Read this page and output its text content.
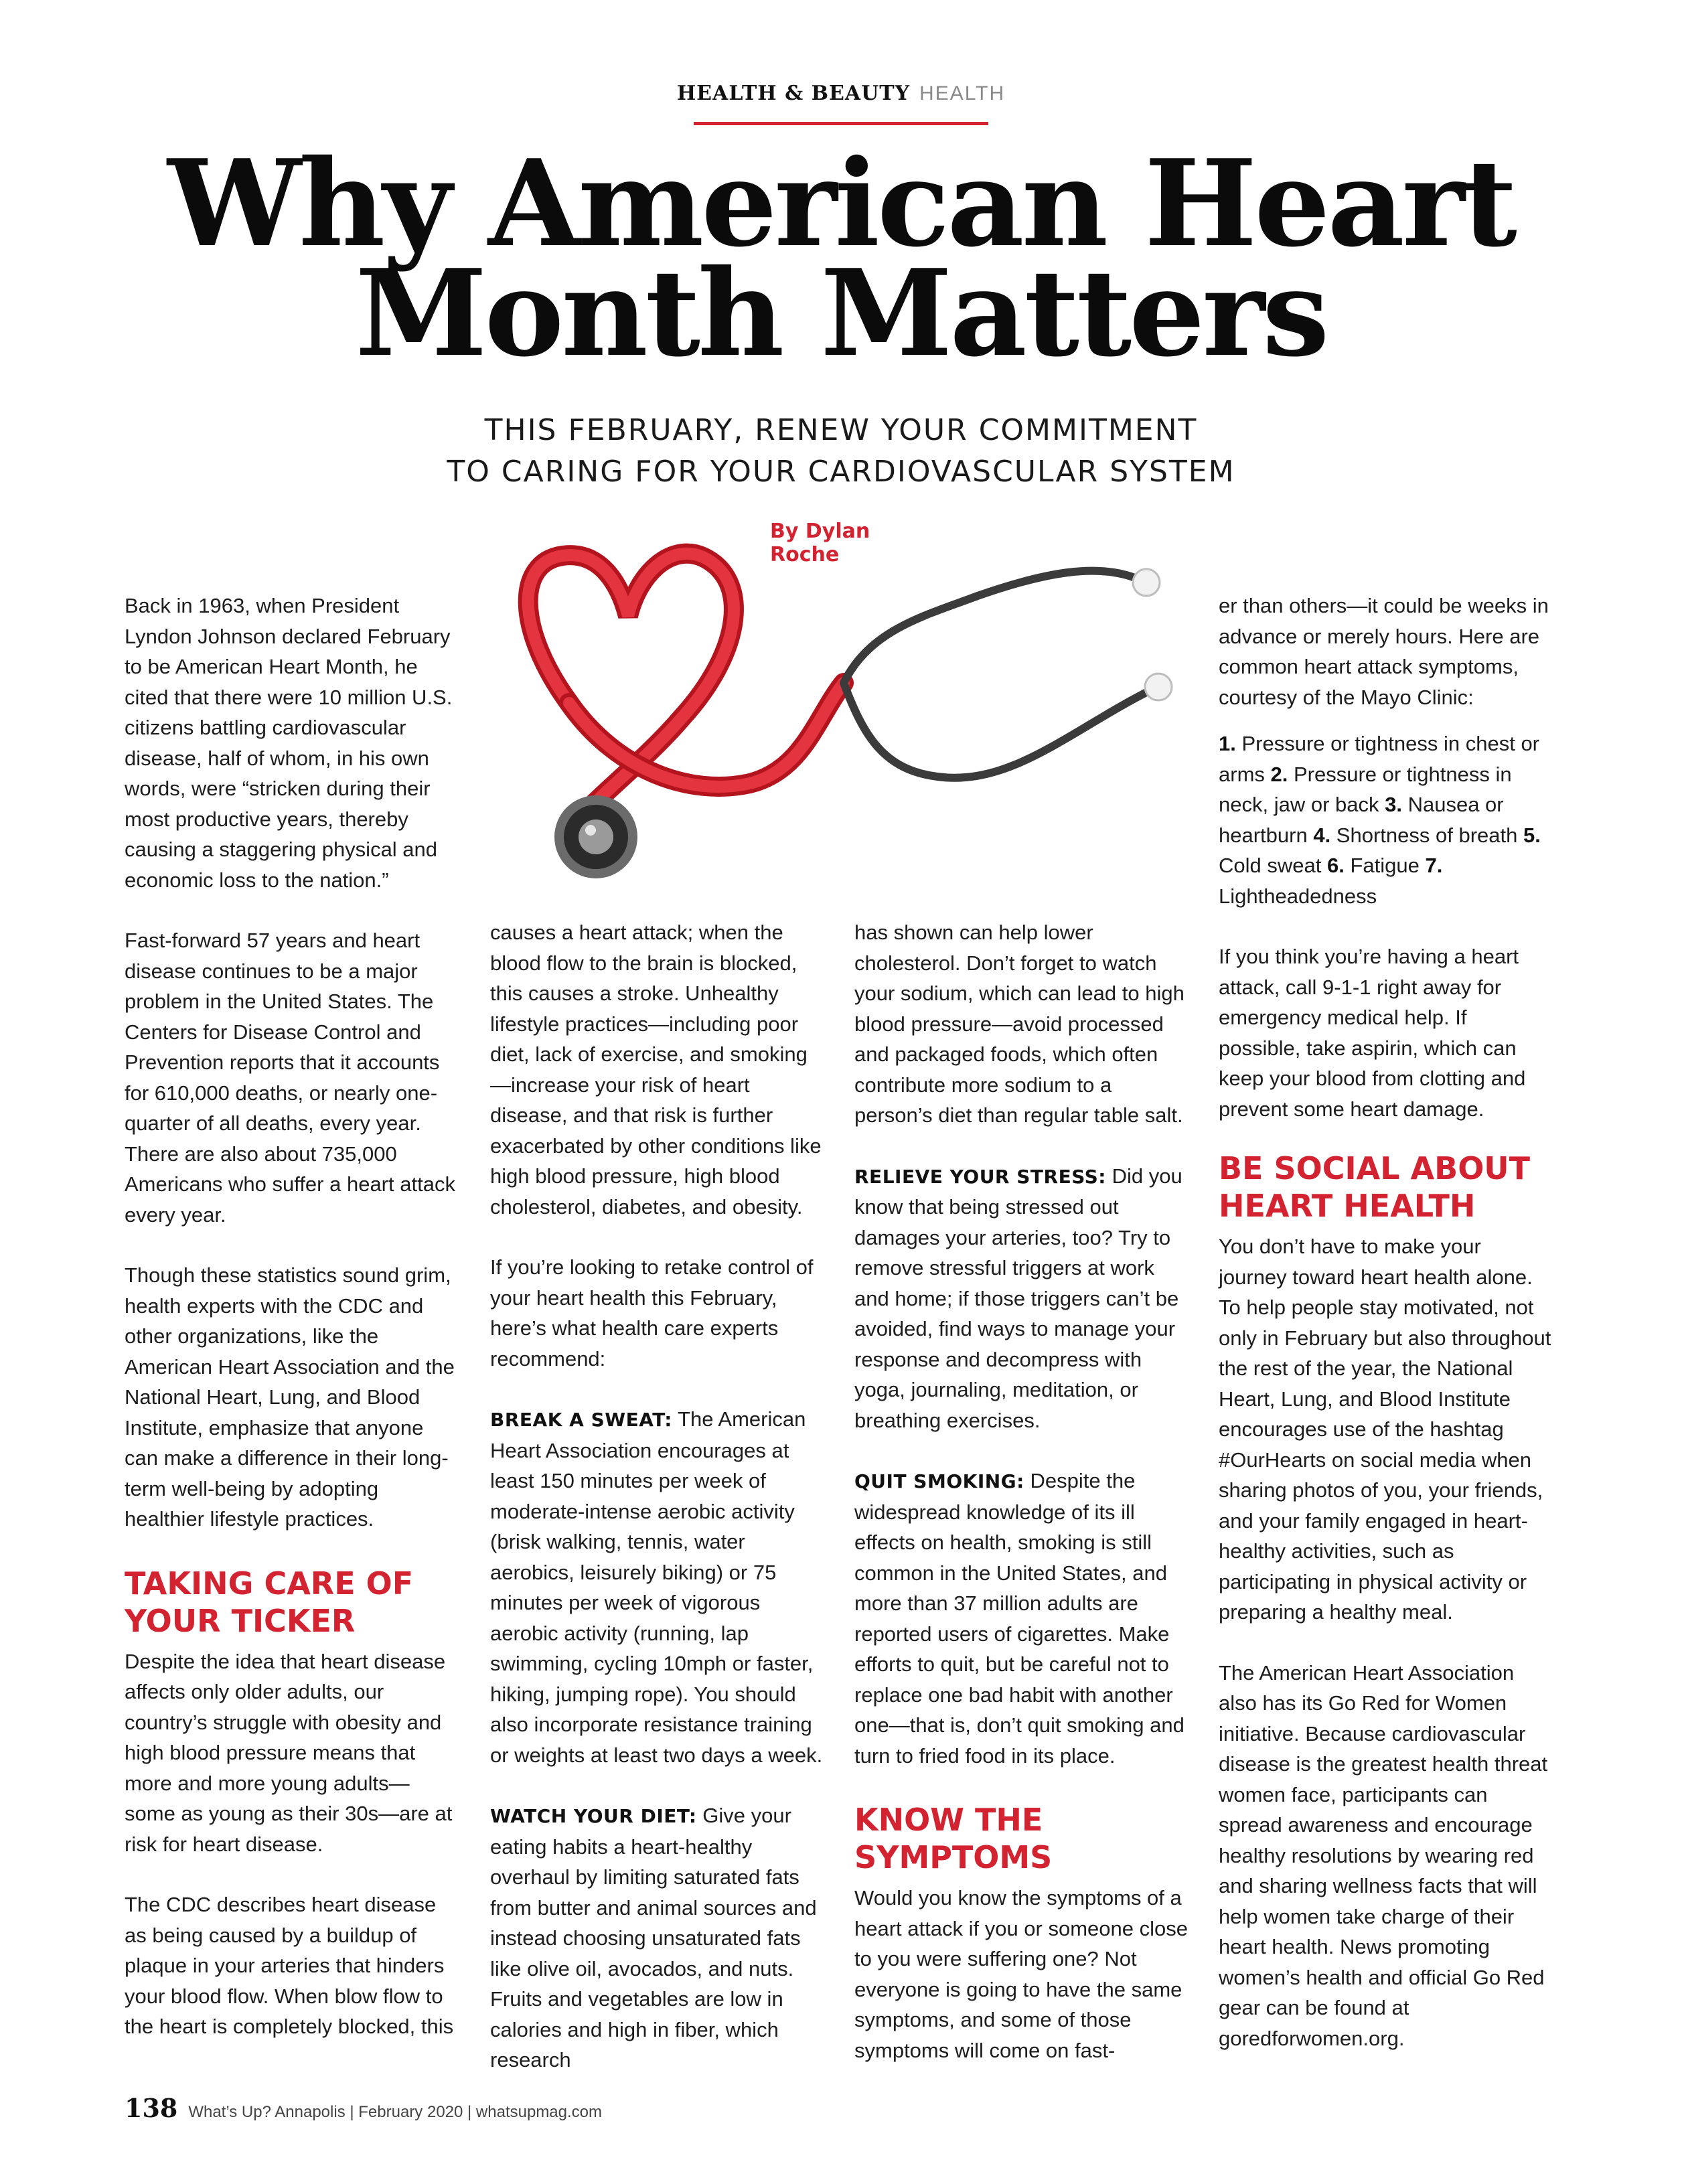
HEALTH & BEAUTY HEALTH
Why American Heart
Month Matters
THIS FEBRUARY, RENEW YOUR COMMITMENT
TO CARING FOR YOUR CARDIOVASCULAR SYSTEM
By Dylan Roche

Back in 1963, when President Lyndon Johnson declared February to be American Heart Month, he cited that there were 10 million U.S. citizens battling cardiovascular disease, half of whom, in his own words, were “stricken during their most productive years, thereby causing a staggering physical and economic loss to the nation.”

Fast-forward 57 years and heart disease continues to be a major problem in the United States. The Centers for Disease Control and Prevention reports that it accounts for 610,000 deaths, or nearly one-quarter of all deaths, every year. There are also about 735,000 Americans who suffer a heart attack every year.

Though these statistics sound grim, health experts with the CDC and other organizations, like the American Heart Association and the National Heart, Lung, and Blood Institute, emphasize that anyone can make a difference in their long-term well-being by adopting healthier lifestyle practices.

TAKING CARE OF YOUR TICKER

Despite the idea that heart disease affects only older adults, our country’s struggle with obesity and high blood pressure means that more and more young adults—some as young as their 30s—are at risk for heart disease.

The CDC describes heart disease as being caused by a buildup of plaque in your arteries that hinders your blood flow. When blow flow to the heart is completely blocked, this

causes a heart attack; when the blood flow to the brain is blocked, this causes a stroke. Unhealthy lifestyle practices—including poor diet, lack of exercise, and smoking—increase your risk of heart disease, and that risk is further exacerbated by other conditions like high blood pressure, high blood cholesterol, diabetes, and obesity.

If you’re looking to retake control of your heart health this February, here’s what health care experts recommend:

BREAK A SWEAT: The American Heart Association encourages at least 150 minutes per week of moderate-intense aerobic activity (brisk walking, tennis, water aerobics, leisurely biking) or 75 minutes per week of vigorous aerobic activity (running, lap swimming, cycling 10mph or faster, hiking, jumping rope). You should also incorporate resistance training or weights at least two days a week.

WATCH YOUR DIET: Give your eating habits a heart-healthy overhaul by limiting saturated fats from butter and animal sources and instead choosing unsaturated fats like olive oil, avocados, and nuts. Fruits and vegetables are low in calories and high in fiber, which research

has shown can help lower cholesterol. Don’t forget to watch your sodium, which can lead to high blood pressure—avoid processed and packaged foods, which often contribute more sodium to a person’s diet than regular table salt.

RELIEVE YOUR STRESS: Did you know that being stressed out damages your arteries, too? Try to remove stressful triggers at work and home; if those triggers can’t be avoided, find ways to manage your response and decompress with yoga, journaling, meditation, or breathing exercises.

QUIT SMOKING: Despite the widespread knowledge of its ill effects on health, smoking is still common in the United States, and more than 37 million adults are reported users of cigarettes. Make efforts to quit, but be careful not to replace one bad habit with another one—that is, don’t quit smoking and turn to fried food in its place.

KNOW THE SYMPTOMS

Would you know the symptoms of a heart attack if you or someone close to you were suffering one? Not everyone is going to have the same symptoms, and some of those symptoms will come on fast-

er than others—it could be weeks in advance or merely hours. Here are common heart attack symptoms, courtesy of the Mayo Clinic:

1. Pressure or tightness in chest or arms 2. Pressure or tightness in neck, jaw or back 3. Nausea or heartburn 4. Shortness of breath 5. Cold sweat 6. Fatigue 7. Lightheadedness

If you think you’re having a heart attack, call 9-1-1 right away for emergency medical help. If possible, take aspirin, which can keep your blood from clotting and prevent some heart damage.

BE SOCIAL ABOUT HEART HEALTH

You don’t have to make your journey toward heart health alone. To help people stay motivated, not only in February but also throughout the rest of the year, the National Heart, Lung, and Blood Institute encourages use of the hashtag #OurHearts on social media when sharing photos of you, your friends, and your family engaged in heart-healthy activities, such as participating in physical activity or preparing a healthy meal.

The American Heart Association also has its Go Red for Women initiative. Because cardiovascular disease is the greatest health threat women face, participants can spread awareness and encourage healthy resolutions by wearing red and sharing wellness facts that will help women take charge of their heart health. News promoting women’s health and official Go Red gear can be found at goredforwomen.org.

138 What’s Up? Annapolis | February 2020 | whatsupmag.com
